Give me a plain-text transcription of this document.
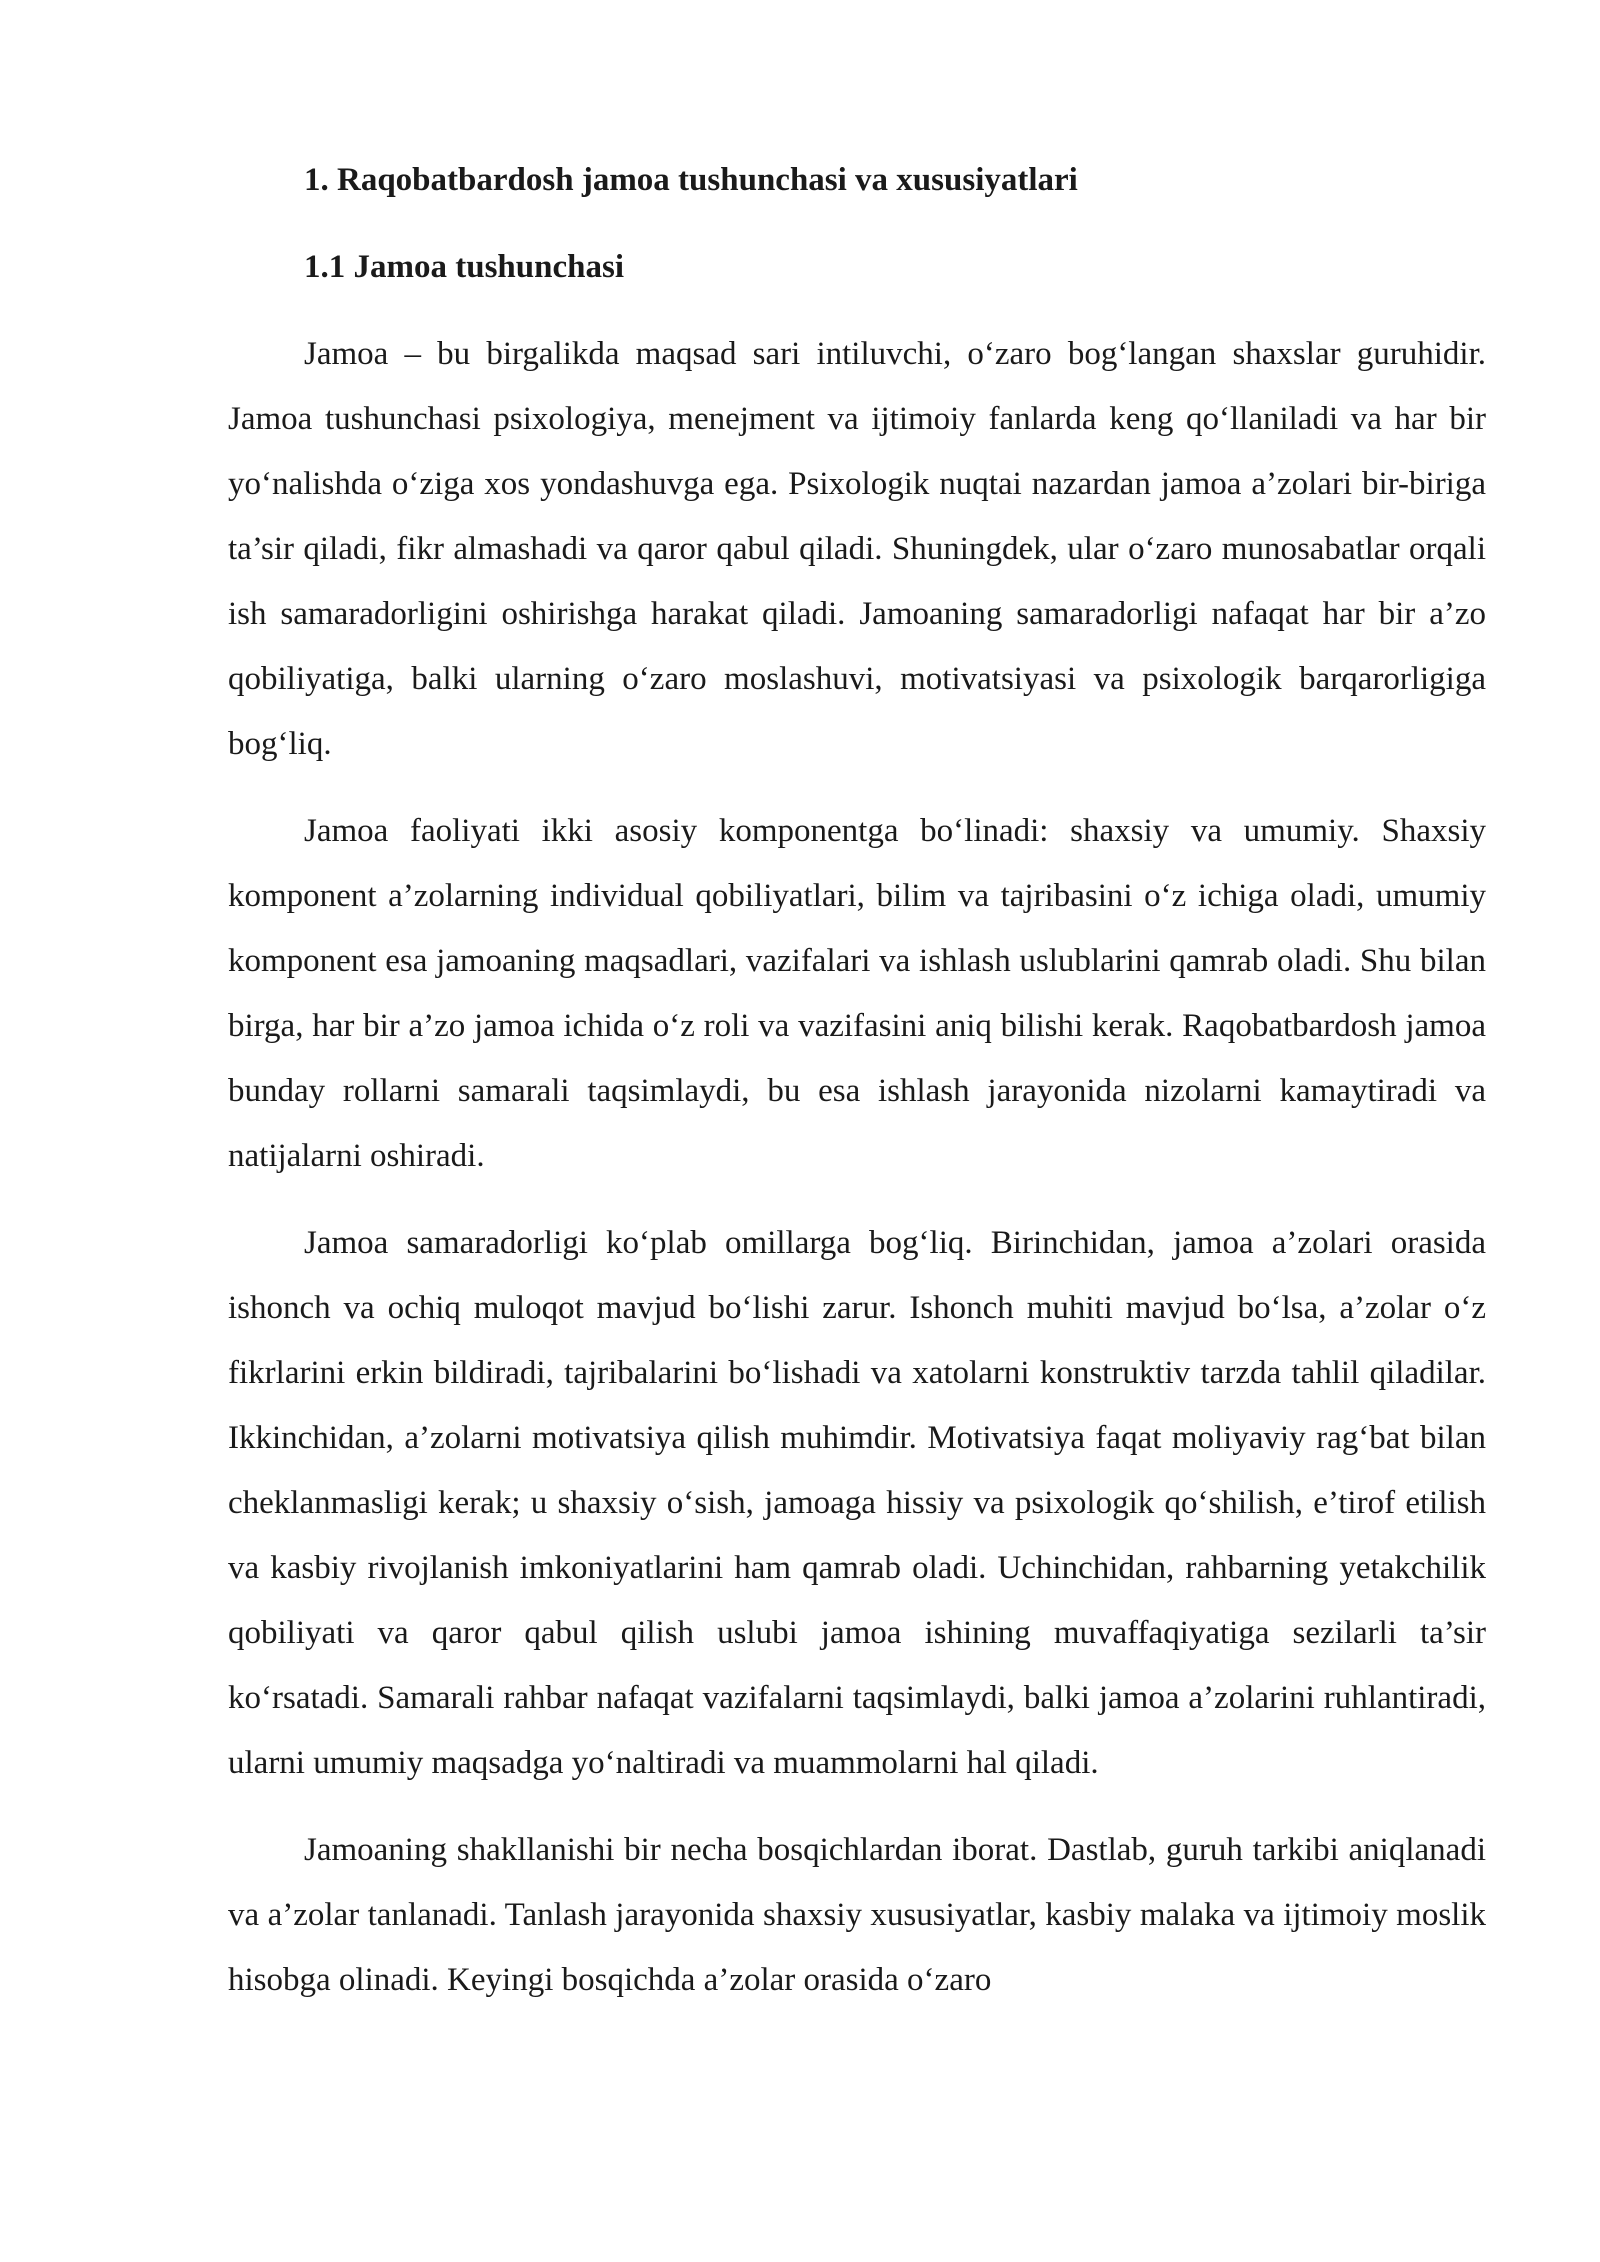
1. Raqobatbardosh jamoa tushunchasi va xususiyatlari

1.1 Jamoa tushunchasi

Jamoa – bu birgalikda maqsad sari intiluvchi, o‘zaro bog‘langan shaxslar guruhidir. Jamoa tushunchasi psixologiya, menejment va ijtimoiy fanlarda keng qo‘llaniladi va har bir yo‘nalishda o‘ziga xos yondashuvga ega. Psixologik nuqtai nazardan jamoa a’zolari bir-biriga ta’sir qiladi, fikr almashadi va qaror qabul qiladi. Shuningdek, ular o‘zaro munosabatlar orqali ish samaradorligini oshirishga harakat qiladi. Jamoaning samaradorligi nafaqat har bir a’zo qobiliyatiga, balki ularning o‘zaro moslashuvi, motivatsiyasi va psixologik barqarorligiga bog‘liq.

Jamoa faoliyati ikki asosiy komponentga bo‘linadi: shaxsiy va umumiy. Shaxsiy komponent a’zolarning individual qobiliyatlari, bilim va tajribasini o‘z ichiga oladi, umumiy komponent esa jamoaning maqsadlari, vazifalari va ishlash uslublarini qamrab oladi. Shu bilan birga, har bir a’zo jamoa ichida o‘z roli va vazifasini aniq bilishi kerak. Raqobatbardosh jamoa bunday rollarni samarali taqsimlaydi, bu esa ishlash jarayonida nizolarni kamaytiradi va natijalarni oshiradi.

Jamoa samaradorligi ko‘plab omillarga bog‘liq. Birinchidan, jamoa a’zolari orasida ishonch va ochiq muloqot mavjud bo‘lishi zarur. Ishonch muhiti mavjud bo‘lsa, a’zolar o‘z fikrlarini erkin bildiradi, tajribalarini bo‘lishadi va xatolarni konstruktiv tarzda tahlil qiladilar. Ikkinchidan, a’zolarni motivatsiya qilish muhimdir. Motivatsiya faqat moliyaviy rag‘bat bilan cheklanmasligi kerak; u shaxsiy o‘sish, jamoaga hissiy va psixologik qo‘shilish, e’tirof etilish va kasbiy rivojlanish imkoniyatlarini ham qamrab oladi. Uchinchidan, rahbarning yetakchilik qobiliyati va qaror qabul qilish uslubi jamoa ishining muvaffaqiyatiga sezilarli ta’sir ko‘rsatadi. Samarali rahbar nafaqat vazifalarni taqsimlaydi, balki jamoa a’zolarini ruhlantiradi, ularni umumiy maqsadga yo‘naltiradi va muammolarni hal qiladi.

Jamoaning shakllanishi bir necha bosqichlardan iborat. Dastlab, guruh tarkibi aniqlanadi va a’zolar tanlanadi. Tanlash jarayonida shaxsiy xususiyatlar, kasbiy malaka va ijtimoiy moslik hisobga olinadi. Keyingi bosqichda a’zolar orasida o‘zaro
